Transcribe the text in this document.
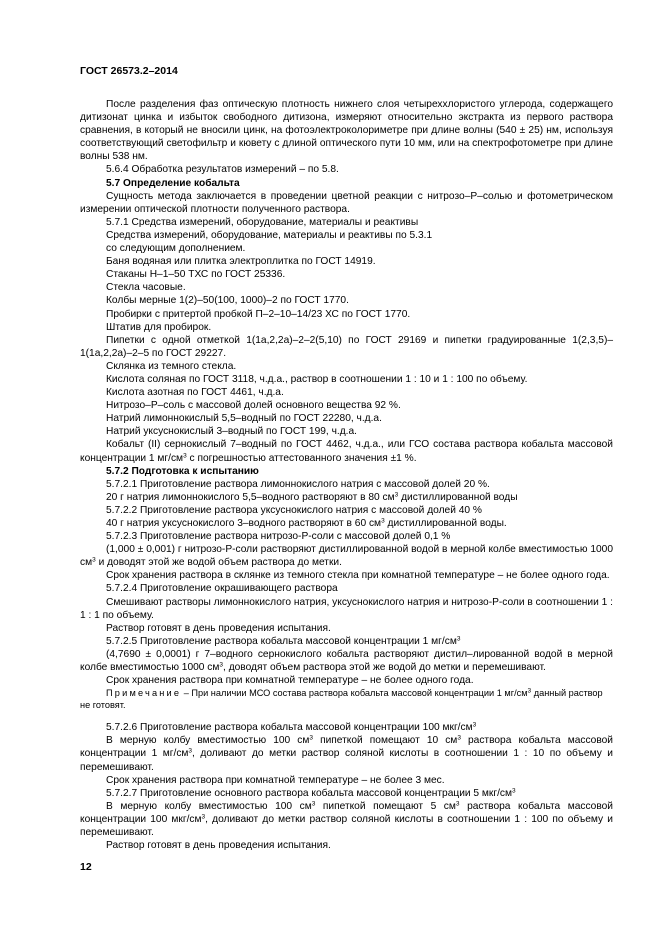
ГОСТ 26573.2–2014

После разделения фаз оптическую плотность нижнего слоя четырехxлористого углерода, содержащего дитизонат цинка и избыток свободного дитизона, измеряют относительно экстракта из первого раствора сравнения, в который не вносили цинк, на фотоэлектроколориметре при длине волны (540 ± 25) нм, используя соответствующий светофильтр и кювету с длиной оптического пути 10 мм, или на спектрофотометре при длине волны 538 нм.

5.6.4 Обработка результатов измерений – по 5.8.

5.7 Определение кобальта

Сущность метода заключается в проведении цветной реакции с нитрозо–Р–солью и фотометрическом измерении оптической плотности полученного раствора.

5.7.1 Средства измерений, оборудование, материалы и реактивы

Средства измерений, оборудование, материалы и реактивы по 5.3.1

со следующим дополнением.

Баня водяная или плитка электроплитка по ГОСТ 14919.

Стаканы Н–1–50 ТХС по ГОСТ 25336.

Стекла часовые.

Колбы мерные 1(2)–50(100, 1000)–2 по ГОСТ 1770.

Пробирки с притертой пробкой П–2–10–14/23 ХС по ГОСТ 1770.

Штатив для пробирок.

Пипетки с одной отметкой 1(1а,2,2а)–2–2(5,10) по ГОСТ 29169 и пипетки градуированные 1(2,3,5)–1(1а,2,2а)–2–5 по ГОСТ 29227.

Склянка из темного стекла.

Кислота соляная по ГОСТ 3118, ч.д.а., раствор в соотношении 1 : 10 и 1 : 100 по объему.

Кислота азотная по ГОСТ 4461, ч.д.а.

Нитрозо–Р–соль с массовой долей основного вещества 92 %.

Натрий лимоннокислый 5,5–водный по ГОСТ 22280, ч.д.а.

Натрий уксуснокислый 3–водный по ГОСТ 199, ч.д.а.

Кобальт (II) сернокислый 7–водный по ГОСТ 4462, ч.д.а., или ГСО состава раствора кобальта массовой концентрации 1 $мг/см^3$ с погрешностью аттестованного значения ±1 %.

5.7.2 Подготовка к испытанию

5.7.2.1 Приготовление раствора лимоннокислого натрия с массовой долей 20 %.

20 г натрия лимоннокислого 5,5–водного растворяют в 80 $см^3$ дистиллированной воды

5.7.2.2 Приготовление раствора уксуснокислого натрия с массовой долей 40 %

40 г натрия уксуснокислого 3–водного растворяют в 60 $см^3$ дистиллированной воды.

5.7.2.3 Приготовление раствора нитрозо-Р-соли с массовой долей 0,1 %

(1,000 ± 0,001) г нитрозо-Р-соли растворяют дистиллированной водой в мерной колбе вместимостью 1000 $см^3$ и доводят этой же водой объем раствора до метки.

Срок хранения раствора в склянке из темного стекла при комнатной температуре – не более одного года.

5.7.2.4 Приготовление окрашивающего раствора

Смешивают растворы лимоннокислого натрия, уксуснокислого натрия и нитрозо-Р-соли в соотношении 1 : 1 : 1 по объему.

Раствор готовят в день проведения испытания.

5.7.2.5 Приготовление раствора кобальта массовой концентрации 1 $мг/см^3$

(4,7690 ± 0,0001) г 7–водного сернокислого кобальта растворяют дистил–лированной водой в мерной колбе вместимостью 1000 $см^3$, доводят объем раствора этой же водой до метки и перемешивают.

Срок хранения раствора при комнатной температуре – не более одного года.

Примечание – При наличии МСО состава раствора кобальта массовой концентрации 1 $мг/см^3$ данный раствор не готовят.

5.7.2.6 Приготовление раствора кобальта массовой концентрации 100 мкг/$см^3$

В мерную колбу вместимостью 100 $см^3$ пипеткой помещают 10 $см^3$ раствора кобальта массовой концентрации 1 $мг/см^3$, доливают до метки раствор соляной кислоты в соотношении 1 : 10 по объему и перемешивают.

Срок хранения раствора при комнатной температуре – не более 3 мес.

5.7.2.7 Приготовление основного раствора кобальта массовой концентрации 5 мкг/$см^3$

В мерную колбу вместимостью 100 $см^3$ пипеткой помещают 5 $см^3$ раствора кобальта массовой концентрации 100 мкг/$см^3$, доливают до метки раствор соляной кислоты в соотношении 1 : 100 по объему и перемешивают.

Раствор готовят в день проведения испытания.

12
